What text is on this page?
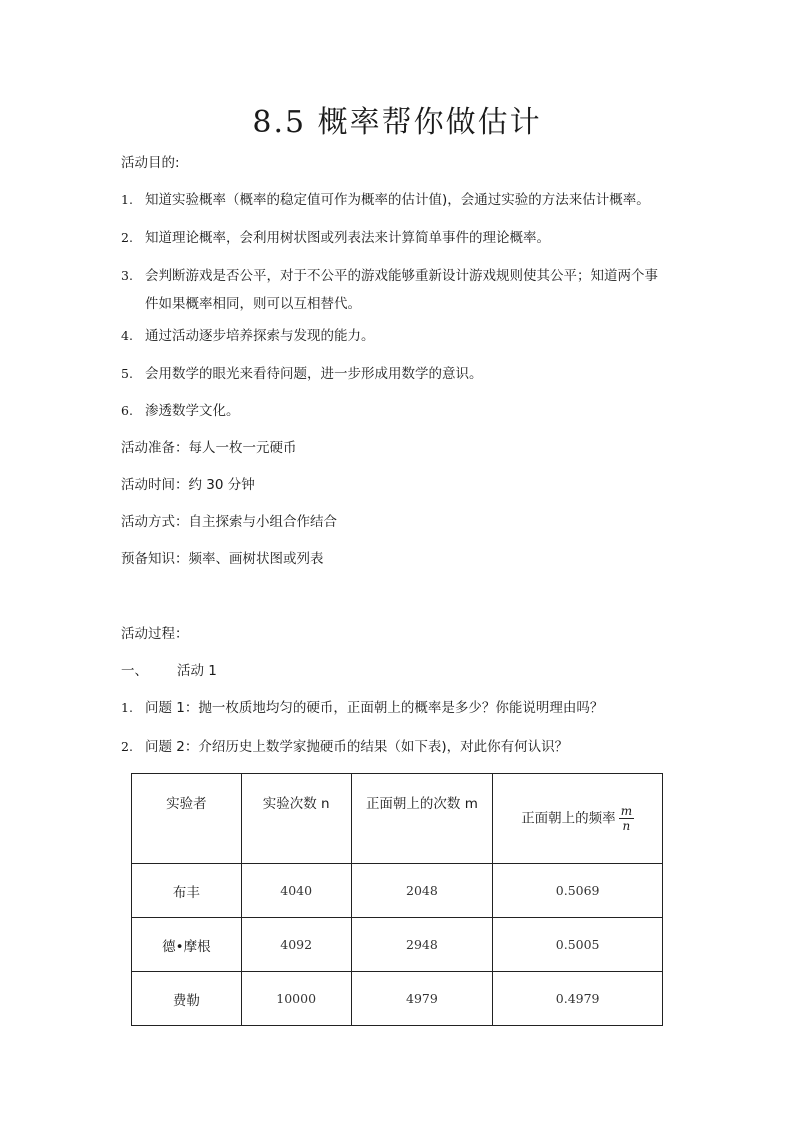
8.5 概率帮你做估计
活动目的:
1. 知道实验概率（概率的稳定值可作为概率的估计值)，会通过实验的方法来估计概率。
2. 知道理论概率，会利用树状图或列表法来计算简单事件的理论概率。
3. 会判断游戏是否公平，对于不公平的游戏能够重新设计游戏规则使其公平；知道两个事
件如果概率相同，则可以互相替代。
4. 通过活动逐步培养探索与发现的能力。
5. 会用数学的眼光来看待问题，进一步形成用数学的意识。
6. 渗透数学文化。
活动准备：每人一枚一元硬币
活动时间：约 30 分钟
活动方式：自主探索与小组合作结合
预备知识：频率、画树状图或列表
活动过程：
一、 活动 1
1. 问题 1：抛一枚质地均匀的硬币，正面朝上的概率是多少？你能说明理由吗？
2. 问题 2：介绍历史上数学家抛硬币的结果（如下表)，对此你有何认识？
实验者	实验次数 n	正面朝上的次数 m	正面朝上的频率 $\frac{m}{n}$

布丰	4040	2048	0.5069
德•摩根	4092	2948	0.5005
费勒	10000	4979	0.4979
